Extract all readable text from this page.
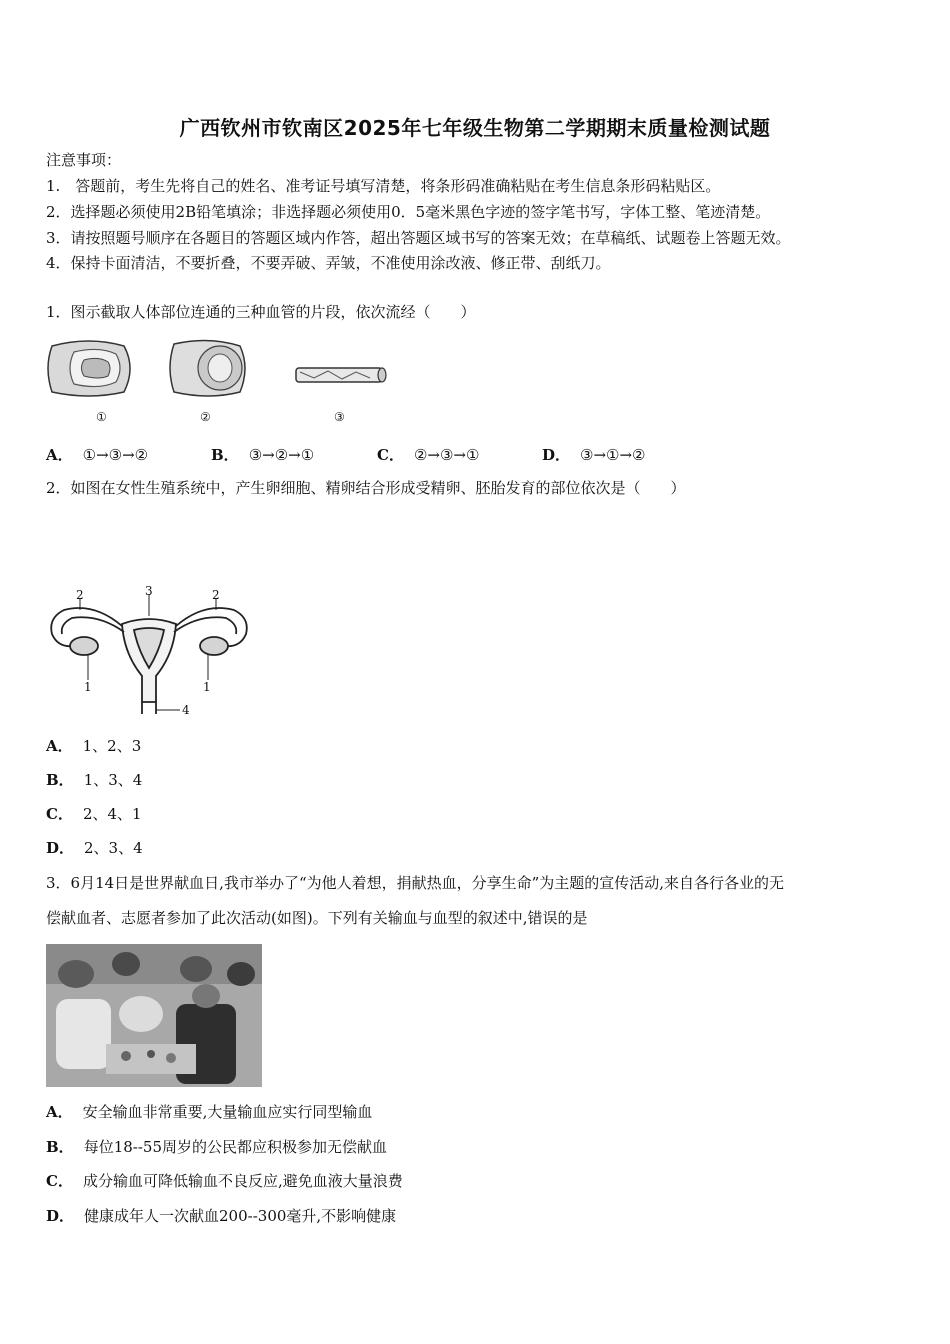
广西钦州市钦南区2025年七年级生物第二学期期末质量检测试题
注意事项：
1.　答题前，考生先将自己的姓名、准考证号填写清楚，将条形码准确粘贴在考生信息条形码粘贴区。
2．选择题必须使用2B铅笔填涂；非选择题必须使用0．5毫米黑色字迹的签字笔书写，字体工整、笔迹清楚。
3．请按照题号顺序在各题目的答题区域内作答，超出答题区域书写的答案无效；在草稿纸、试题卷上答题无效。
4．保持卡面清洁，不要折叠，不要弄破、弄皱，不准使用涂改液、修正带、刮纸刀。
1．图示截取人体部位连通的三种血管的片段，依次流经（　　）
①	②	③
A． ①→③→②	B． ③→②→①	C． ②→③→①	D． ③→①→②
2．如图在女性生殖系统中，产生卵细胞、精卵结合形成受精卵、胚胎发育的部位依次是（　　）
2	3	2
1	1
4
A． 1、2、3
B． 1、3、4
C． 2、4、1
D． 2、3、4
3．6月14日是世界献血日,我市举办了“为他人着想，捐献热血，分享生命”为主题的宣传活动,来自各行各业的无
偿献血者、志愿者参加了此次活动(如图)。下列有关输血与血型的叙述中,错误的是
A． 安全输血非常重要,大量输血应实行同型输血
B． 每位18--55周岁的公民都应积极参加无偿献血
C． 成分输血可降低输血不良反应,避免血液大量浪费
D． 健康成年人一次献血200--300毫升,不影响健康
